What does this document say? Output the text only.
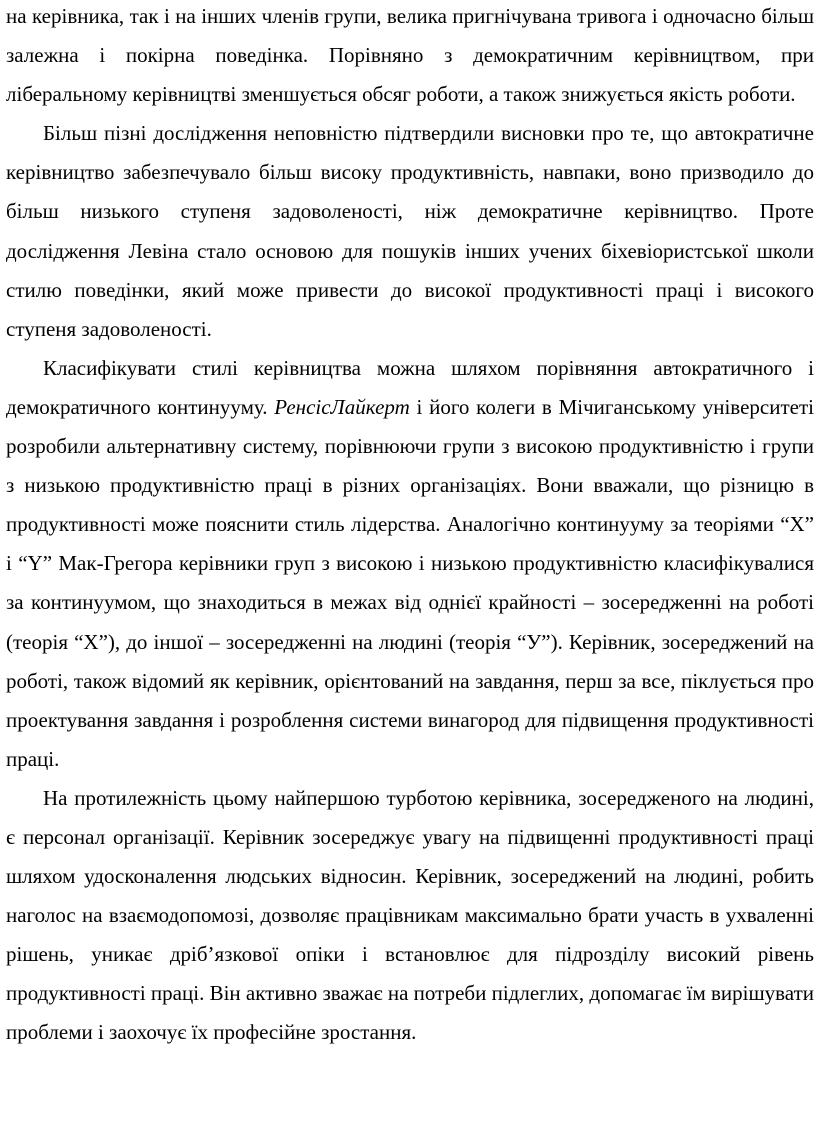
на керівника, так і на інших членів групи, велика пригнічувана тривога і одночасно більш залежна і покірна поведінка. Порівняно з демократичним керівництвом, при ліберальному керівництві зменшується обсяг роботи, а також знижується якість роботи.

Більш пізні дослідження неповністю підтвердили висновки про те, що автократичне керівництво забезпечувало більш високу продуктивність, навпаки, воно призводило до більш низького ступеня задоволеності, ніж демократичне керівництво. Проте дослідження Левіна стало основою для пошуків інших учених біхевіористської школи стилю поведінки, який може привести до високої продуктивності праці і високого ступеня задоволеності.

Класифікувати стилі керівництва можна шляхом порівняння автократичного і демократичного континууму. РенсісЛайкерт і його колеги в Мічиганському університеті розробили альтернативну систему, порівнюючи групи з високою продуктивністю і групи з низькою продуктивністю праці в різних організаціях. Вони вважали, що різницю в продуктивності може пояснити стиль лідерства. Аналогічно континууму за теоріями “Х” і “Y” Мак-Грегора керівники груп з високою і низькою продуктивністю класифікувалися за континуумом, що знаходиться в межах від однієї крайності – зосередженні на роботі (теорія “Х”), до іншої – зосередженні на людині (теорія “У”). Керівник, зосереджений на роботі, також відомий як керівник, орієнтований на завдання, перш за все, піклується про проектування завдання і розроблення системи винагород для підвищення продуктивності праці.

На протилежність цьому найпершою турботою керівника, зосередженого на людині, є персонал організації. Керівник зосереджує увагу на підвищенні продуктивності праці шляхом удосконалення людських відносин. Керівник, зосереджений на людині, робить наголос на взаємодопомозі, дозволяє працівникам максимально брати участь в ухваленні рішень, уникає дріб’язкової опіки і встановлює для підрозділу високий рівень продуктивності праці. Він активно зважає на потреби підлеглих, допомагає їм вирішувати проблеми і заохочує їх професійне зростання.
